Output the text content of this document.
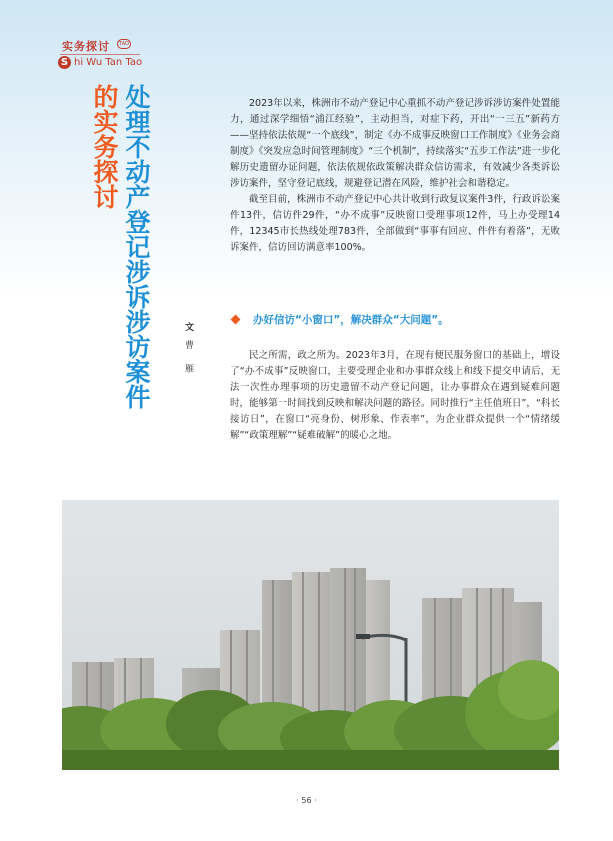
实务探讨	TAO
S hi Wu Tan Tao
处理不动产登记涉诉涉访案件
的实务探讨
文 曹 雁

2023年以来，株洲市不动产登记中心重抓不动产登记涉诉涉访案件处置能力，通过深学细悟“浦江经验”，主动担当，对症下药，开出“一三五”新药方——坚持依法依规“一个底线”，制定《办不成事反映窗口工作制度》《业务会商制度》《突发应急时间管理制度》“三个机制”，持续落实“五步工作法”进一步化解历史遗留办证问题，依法依规依政策解决群众信访需求，有效减少各类诉讼涉访案件，坚守登记底线，规避登记潜在风险，维护社会和谐稳定。

截至目前，株洲市不动产登记中心共计收到行政复议案件3件，行政诉讼案件13件，信访件29件，“办不成事”反映窗口受理事项12件，马上办受理14件，12345市长热线处理783件，全部做到“事事有回应、件件有着落”，无败诉案件，信访回访满意率100%。

办好信访“小窗口”，解决群众“大问题”。

民之所需，政之所为。2023年3月，在现有便民服务窗口的基础上，增设了“办不成事”反映窗口，主要受理企业和办事群众线上和线下提交申请后，无法一次性办理事项的历史遗留不动产登记问题，让办事群众在遇到疑难问题时，能够第一时间找到反映和解决问题的路径。同时推行“主任值班日”，“科长接访日”，在窗口“亮身份、树形象、作表率”，为企业群众提供一个“情绪缓解”“政策理解”“疑难破解”的暖心之地。

· 56 ·
